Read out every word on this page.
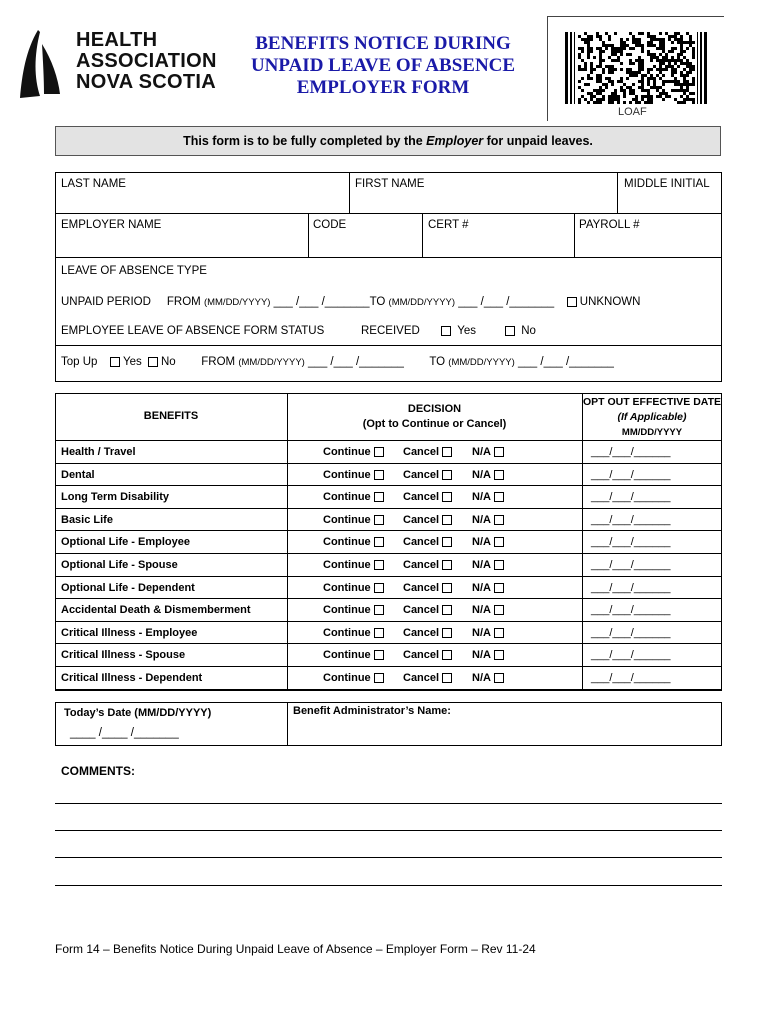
HEALTH
ASSOCIATION
NOVA SCOTIA
BENEFITS NOTICE DURING
UNPAID LEAVE OF ABSENCE
EMPLOYER FORM
LOAF
This form is to be fully completed by the Employer for unpaid leaves.
LAST NAME	FIRST NAME	MIDDLE INITIAL
EMPLOYER NAME	CODE	CERT #	PAYROLL #
LEAVE OF ABSENCE TYPE
UNPAID PERIOD FROM (MM/DD/YYYY) ___ /___ /_______TO (MM/DD/YYYY) ___ /___ /_______ UNKNOWN
EMPLOYEE LEAVE OF ABSENCE FORM STATUS	RECEIVED	Yes	No
Top Up Yes No FROM (MM/DD/YYYY) ___ /___ /_______ TO (MM/DD/YYYY) ___ /___ /_______
BENEFITS
DECISION
(Opt to Continue or Cancel)
OPT OUT EFFECTIVE DATE
(If Applicable)
MM/DD/YYYY
Health / Travel	Continue	Cancel	N/A	___/___/______
Dental	Continue	Cancel	N/A	___/___/______
Long Term Disability	Continue	Cancel	N/A	___/___/______
Basic Life	Continue	Cancel	N/A	___/___/______
Optional Life - Employee	Continue	Cancel	N/A	___/___/______
Optional Life - Spouse	Continue	Cancel	N/A	___/___/______
Optional Life - Dependent	Continue	Cancel	N/A	___/___/______
Accidental Death & Dismemberment	Continue	Cancel	N/A	___/___/______
Critical Illness - Employee	Continue	Cancel	N/A	___/___/______
Critical Illness - Spouse	Continue	Cancel	N/A	___/___/______
Critical Illness - Dependent	Continue	Cancel	N/A	___/___/______
Today’s Date (MM/DD/YYYY)
____ /____ /_______
Benefit Administrator’s Name:
COMMENTS:
Form 14 – Benefits Notice During Unpaid Leave of Absence – Employer Form – Rev 11-24
